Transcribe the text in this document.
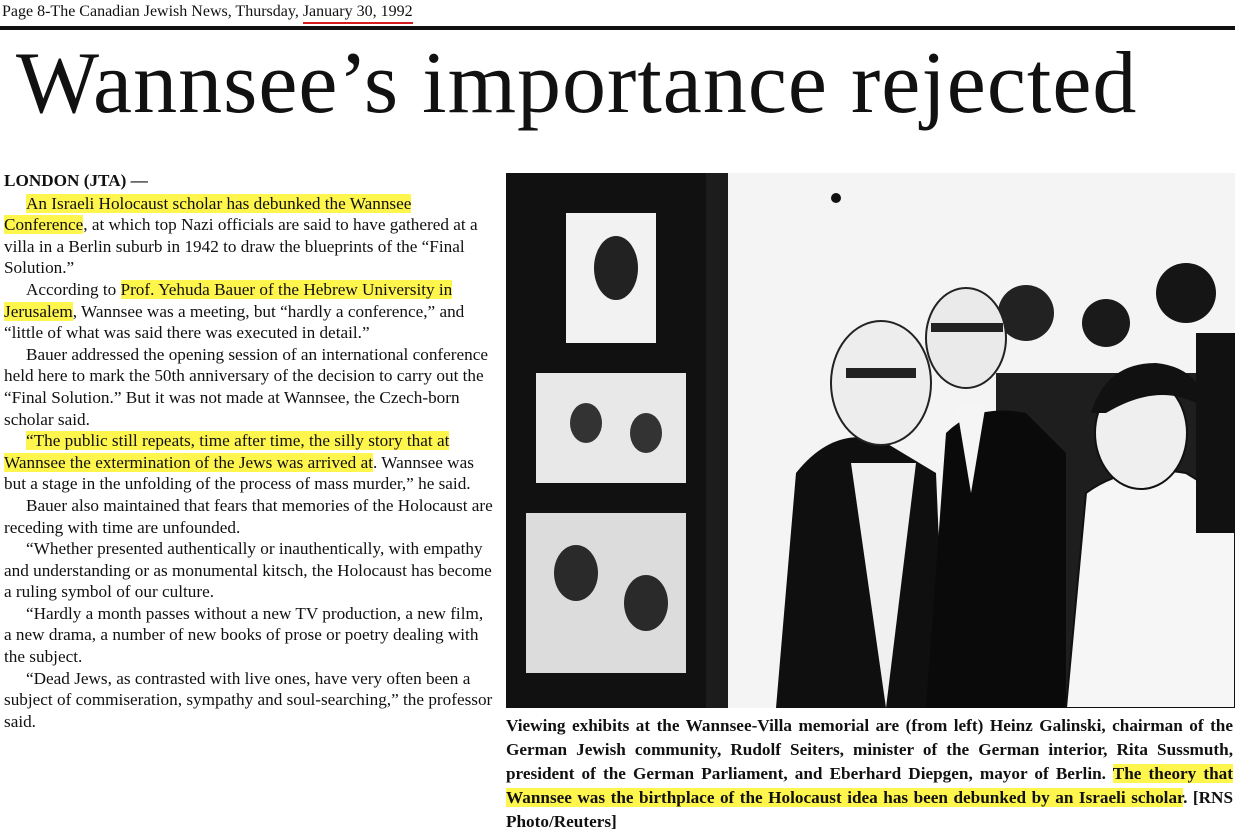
Page 8-The Canadian Jewish News, Thursday, January 30, 1992
Wannsee’s importance rejected

LONDON (JTA) —

An Israeli Holocaust scholar has debunked the Wannsee Conference, at which top Nazi officials are said to have gathered at a villa in a Berlin suburb in 1942 to draw the blueprints of the “Final Solution.”

According to Prof. Yehuda Bauer of the Hebrew University in Jerusalem, Wannsee was a meeting, but “hardly a conference,” and “little of what was said there was executed in detail.”

Bauer addressed the opening session of an international conference held here to mark the 50th anniversary of the decision to carry out the “Final Solution.” But it was not made at Wannsee, the Czech-born scholar said.

“The public still repeats, time after time, the silly story that at Wannsee the extermination of the Jews was arrived at. Wannsee was but a stage in the unfolding of the process of mass murder,” he said.

Bauer also maintained that fears that memories of the Holocaust are receding with time are unfounded.

“Whether presented authentically or inauthentically, with empathy and understanding or as monumental kitsch, the Holocaust has become a ruling symbol of our culture.

“Hardly a month passes without a new TV production, a new film, a new drama, a number of new books of prose or poetry dealing with the subject.

“Dead Jews, as contrasted with live ones, have very often been a subject of commiseration, sympathy and soul-searching,” the professor said.	Viewing exhibits at the Wannsee-Villa memorial are (from left) Heinz Galinski, chairman of the German Jewish community, Rudolf Seiters, minister of the German interior, Rita Sussmuth, president of the German Parliament, and Eberhard Diepgen, mayor of Berlin. The theory that Wannsee was the birthplace of the Holocaust idea has been debunked by an Israeli scholar. [RNS Photo/Reuters]
